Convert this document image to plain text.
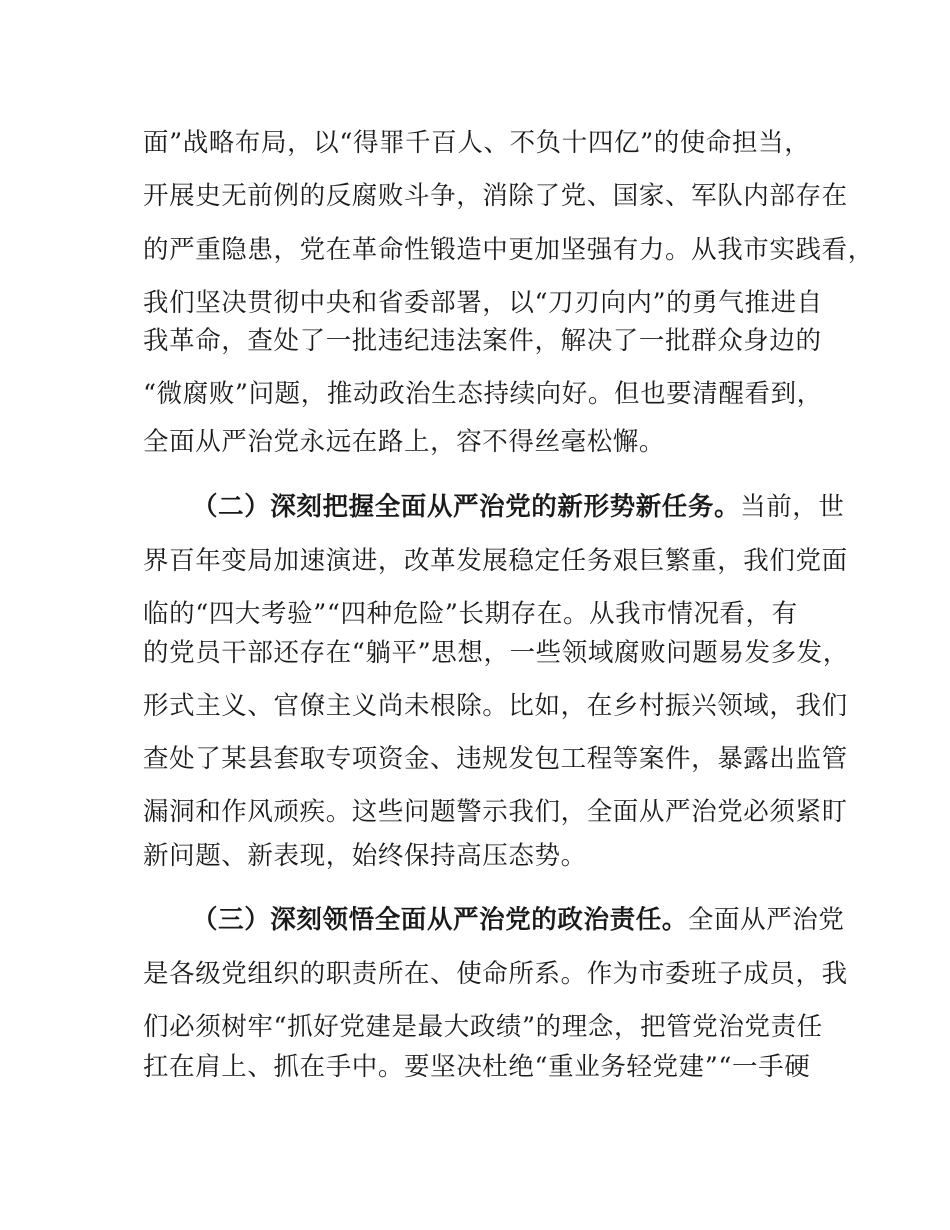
面”战略布局，以“得罪千百人、不负十四亿”的使命担当，
开展史无前例的反腐败斗争，消除了党、国家、军队内部存在
的严重隐患，党在革命性锻造中更加坚强有力。从我市实践看，
我们坚决贯彻中央和省委部署，以“刀刃向内”的勇气推进自
我革命，查处了一批违纪违法案件，解决了一批群众身边的
“微腐败”问题，推动政治生态持续向好。但也要清醒看到，
全面从严治党永远在路上，容不得丝毫松懈。
（二）深刻把握全面从严治党的新形势新任务。当前，世
界百年变局加速演进，改革发展稳定任务艰巨繁重，我们党面
临的“四大考验”“四种危险”长期存在。从我市情况看，有
的党员干部还存在“躺平”思想，一些领域腐败问题易发多发，
形式主义、官僚主义尚未根除。比如，在乡村振兴领域，我们
查处了某县套取专项资金、违规发包工程等案件，暴露出监管
漏洞和作风顽疾。这些问题警示我们，全面从严治党必须紧盯
新问题、新表现，始终保持高压态势。
（三）深刻领悟全面从严治党的政治责任。全面从严治党
是各级党组织的职责所在、使命所系。作为市委班子成员，我
们必须树牢“抓好党建是最大政绩”的理念，把管党治党责任
扛在肩上、抓在手中。要坚决杜绝“重业务轻党建”“一手硬
